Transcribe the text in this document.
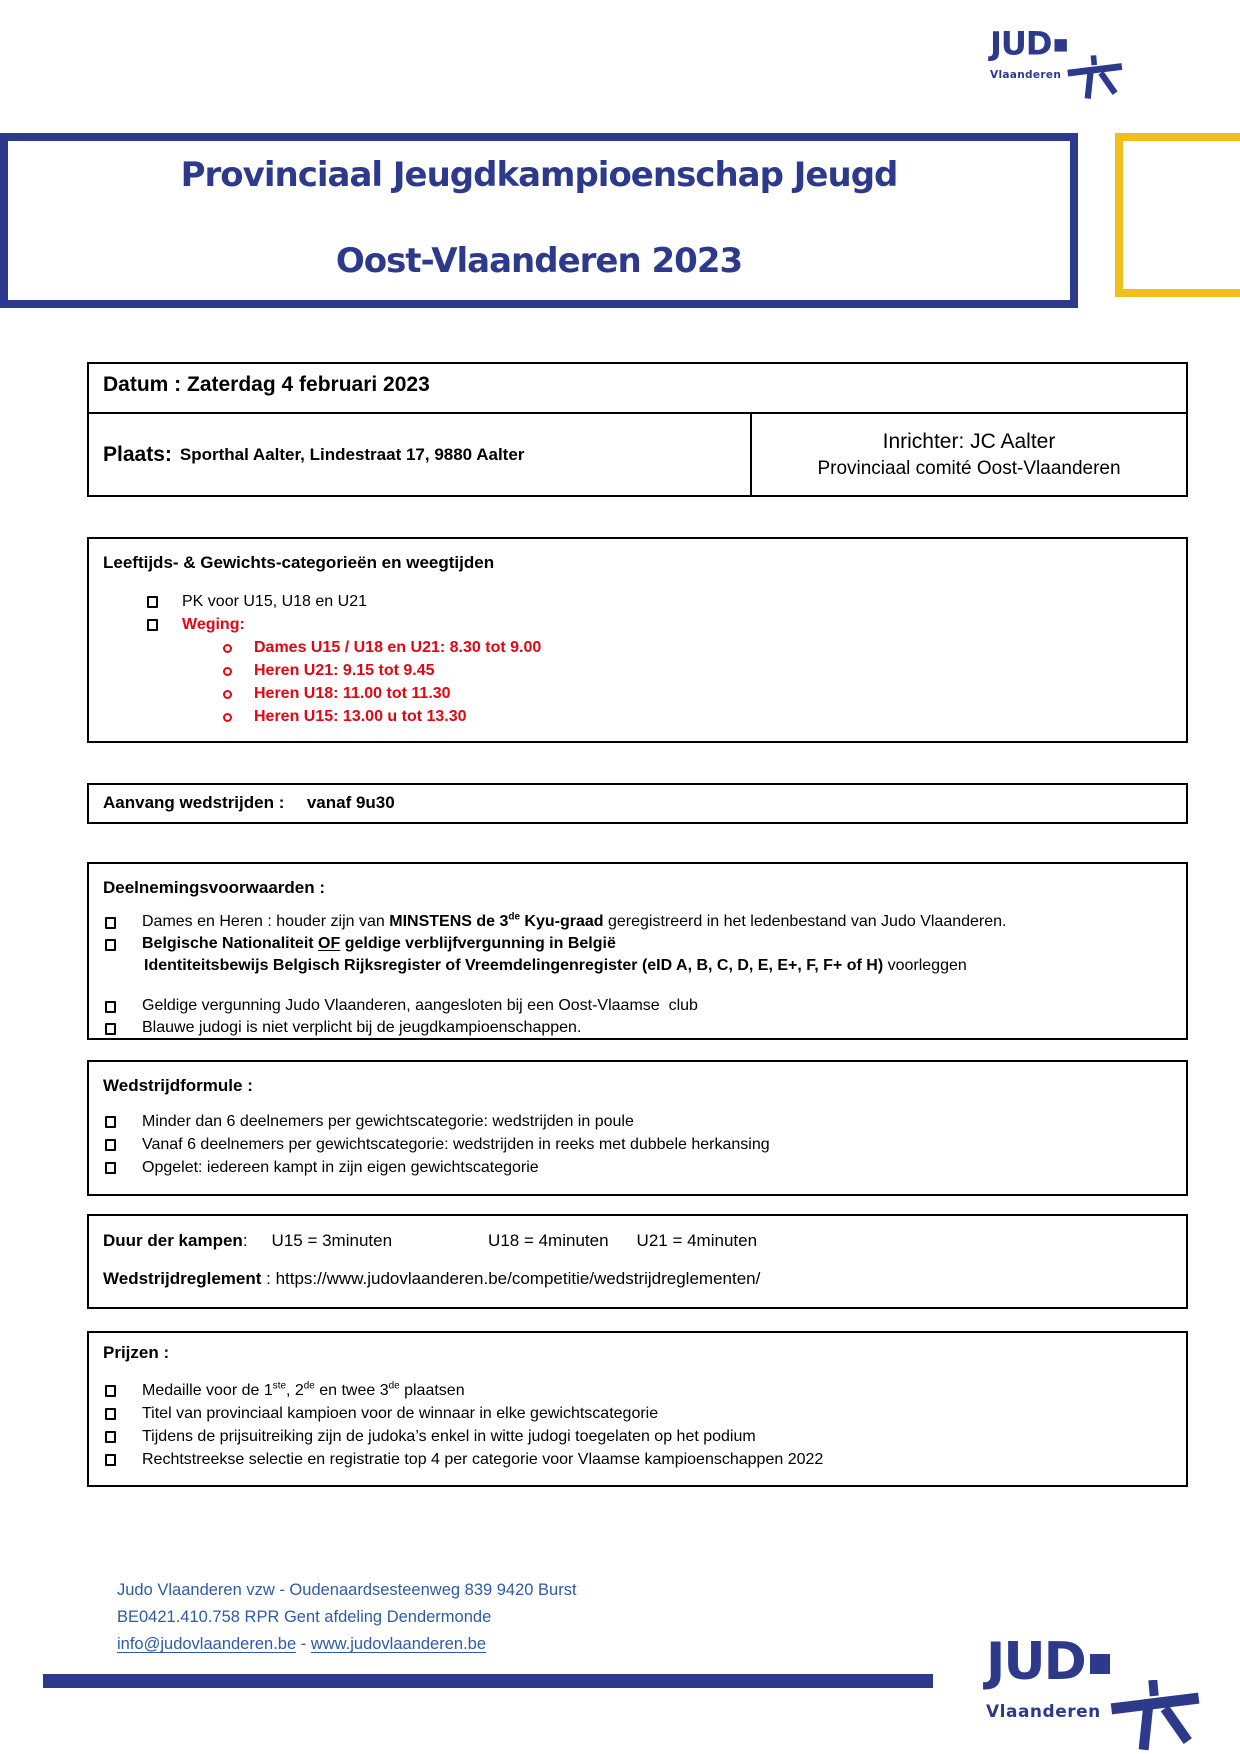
JUD
Vlaanderen
Provinciaal Jeugdkampioenschap Jeugd
Oost-Vlaanderen 2023
Datum : Zaterdag 4 februari 2023
Plaats: Sporthal Aalter, Lindestraat 17, 9880 Aalter
Inrichter: JC Aalter
Provinciaal comité Oost-Vlaanderen
Leeftijds- & Gewichts-categorieën en weegtijden
PK voor U15, U18 en U21
Weging:
Dames U15 / U18 en U21: 8.30 tot 9.00
Heren U21: 9.15 tot 9.45
Heren U18: 11.00 tot 11.30
Heren U15: 13.00 u tot 13.30
Aanvang wedstrijden : vanaf 9u30
Deelnemingsvoorwaarden :
Dames en Heren : houder zijn van MINSTENS de 3de Kyu-graad geregistreerd in het ledenbestand van Judo Vlaanderen.
Belgische Nationaliteit OF geldige verblijfvergunning in België
Identiteitsbewijs Belgisch Rijksregister of Vreemdelingenregister (eID A, B, C, D, E, E+, F, F+ of H) voorleggen
Geldige vergunning Judo Vlaanderen, aangesloten bij een Oost-Vlaamse  club
Blauwe judogi is niet verplicht bij de jeugdkampioenschappen.
Wedstrijdformule :
Minder dan 6 deelnemers per gewichtscategorie: wedstrijden in poule
Vanaf 6 deelnemers per gewichtscategorie: wedstrijden in reeks met dubbele herkansing
Opgelet: iedereen kampt in zijn eigen gewichtscategorie
Duur der kampen : U15 = 3minuten	U18 = 4minuten U21 = 4minuten
Wedstrijdreglement : https://www.judovlaanderen.be/competitie/wedstrijdreglementen/
Prijzen :
Medaille voor de 1ste, 2de en twee 3de plaatsen
Titel van provinciaal kampioen voor de winnaar in elke gewichtscategorie
Tijdens de prijsuitreiking zijn de judoka’s enkel in witte judogi toegelaten op het podium
Rechtstreekse selectie en registratie top 4 per categorie voor Vlaamse kampioenschappen 2022
Judo Vlaanderen vzw - Oudenaardsesteenweg 839 9420 Burst
BE0421.410.758 RPR Gent afdeling Dendermonde
info@judovlaanderen.be - www.judovlaanderen.be	JUD
Vlaanderen
